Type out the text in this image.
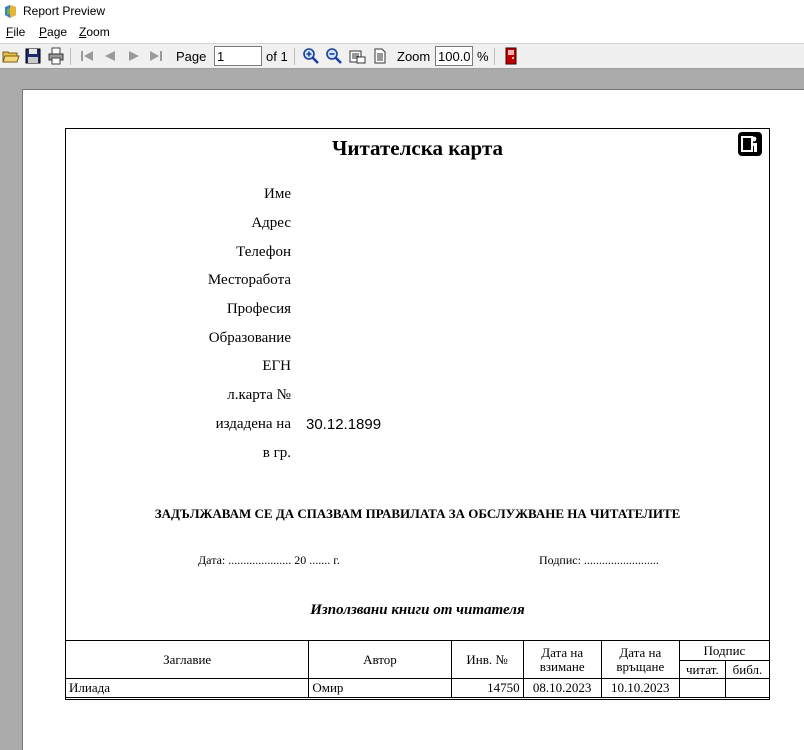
Report Preview
File Page Zoom
Page
1	of 1	Zoom
100.0	%
Читателска карта
Име
Адрес
Телефон
Месторабота
Професия
Образование
ЕГН
л.карта №
издадена на 30.12.1899
в гр.
ЗАДЪЛЖАВАМ СЕ ДА СПАЗВАМ ПРАВИЛАТА ЗА ОБСЛУЖВАНЕ НА ЧИТАТЕЛИТЕ
Дата: ..................... 20 ....... г.	Подпис: .........................
Използвани книги от читателя
Заглавие	Автор	Инв. №	Дата на взимане	Дата на връщане	Подпис	
					читат.	библ.
Илиада	Омир	14750	08.10.2023	10.10.2023		
